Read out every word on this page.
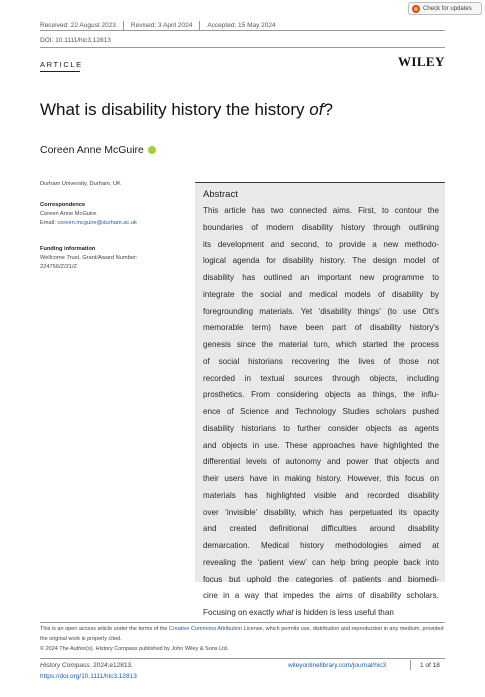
Check for updates
Received: 22 August 2023 Revised: 3 April 2024 Accepted: 15 May 2024
DOI: 10.1111/hic3.12813
ARTICLE	WILEY
What is disability history the history of?
Coreen Anne McGuire
Durham University, Durham, UK
Correspondence
Coreen Anne McGuire.
Email: coreen.mcguire@durham.ac.uk
Funding information
Wellcome Trust, Grant/Award Number:
224756/Z/21/Z
Abstract
This article has two connected aims. First, to contour the
boundaries of modern disability history through outlining
its development and second, to provide a new methodo-
logical agenda for disability history. The design model of
disability has outlined an important new programme to
integrate the social and medical models of disability by
foregrounding materials. Yet ‘disability things’ (to use Ott's
memorable term) have been part of disability history's
genesis since the material turn, which started the process
of social historians recovering the lives of those not
recorded in textual sources through objects, including
prosthetics. From considering objects as things, the influ-
ence of Science and Technology Studies scholars pushed
disability historians to further consider objects as agents
and objects in use. These approaches have highlighted the
differential levels of autonomy and power that objects and
their users have in making history. However, this focus on
materials has highlighted visible and recorded disability
over ‘invisible’ disability, which has perpetuated its opacity
and created definitional difficulties around disability
demarcation. Medical history methodologies aimed at
revealing the ‘patient view’ can help bring people back into
focus but uphold the categories of patients and biomedi-
cine in a way that impedes the aims of disability scholars.
Focusing on exactly what is hidden is less useful than
This is an open access article under the terms of the Creative Commons Attribution License, which permits use, distribution and reproduction in any medium, provided the original work is properly cited.
© 2024 The Author(s). History Compass published by John Wiley & Sons Ltd.
History Compass. 2024;e12813.
https://doi.org/10.1111/hic3.12813
wileyonlinelibrary.com/journal/hic3	1 of 18
